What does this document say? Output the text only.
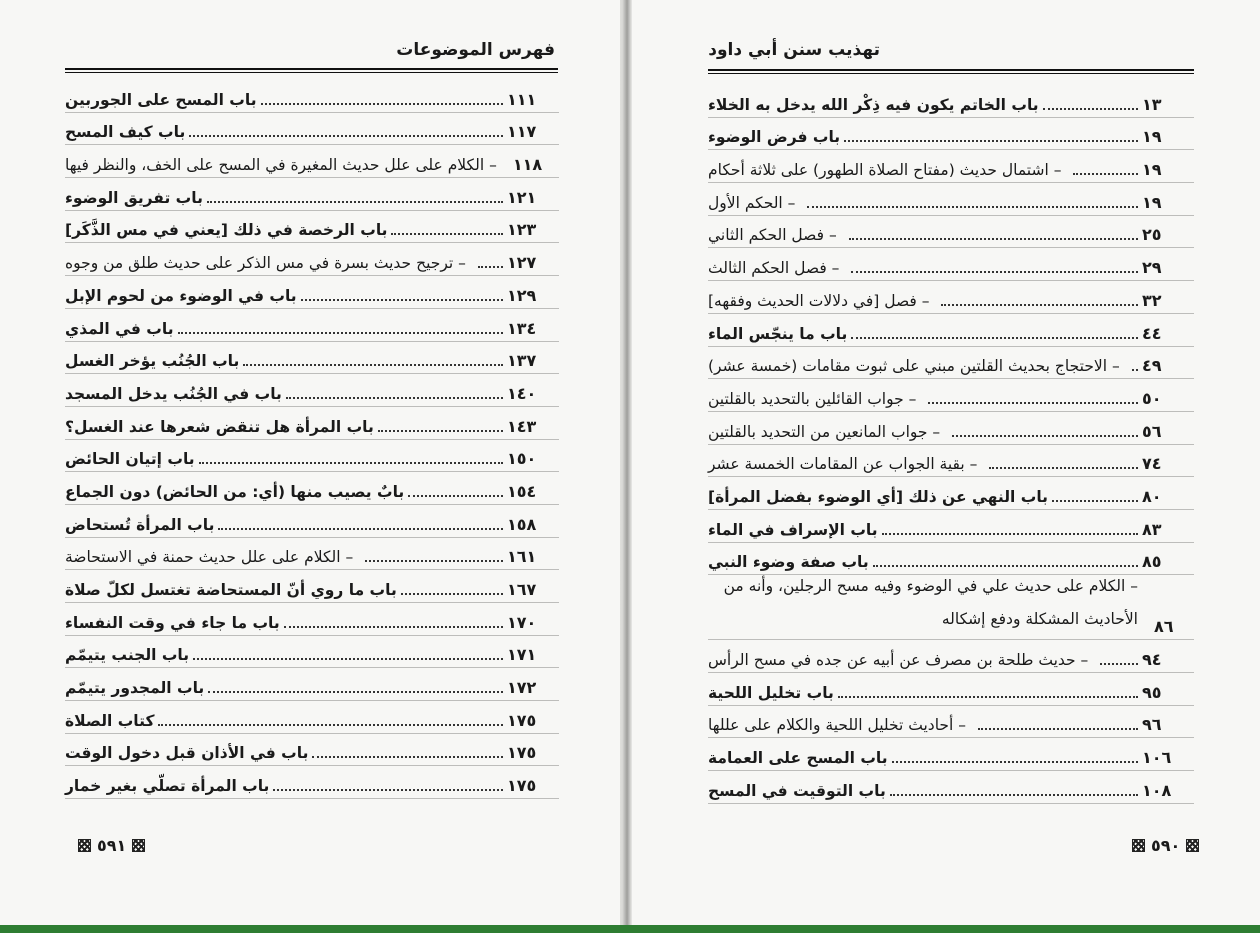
فهرس الموضوعات
باب المسح على الجوربين	١١١
باب كيف المسح	١١٧
– الكلام على علل حديث المغيرة في المسح على الخف، والنظر فيها	١١٨
باب تفريق الوضوء	١٢١
باب الرخصة في ذلك [يعني في مس الذَّكَر]	١٢٣
– ترجيح حديث بسرة في مس الذكر على حديث طلق من وجوه	١٢٧
باب في الوضوء من لحوم الإبل	١٢٩
باب في المذي	١٣٤
باب الجُنُب يؤخر الغسل	١٣٧
باب في الجُنُب يدخل المسجد	١٤٠
باب المرأة هل تنقض شعرها عند الغسل؟	١٤٣
باب إتيان الحائض	١٥٠
بابٌ يصيب منها (أي: من الحائض) دون الجماع	١٥٤
باب المرأة تُستحاض	١٥٨
– الكلام على علل حديث حمنة في الاستحاضة	١٦١
باب ما روي أنّ المستحاضة تغتسل لكلّ صلاة	١٦٧
باب ما جاء في وقت النفساء	١٧٠
باب الجنب يتيمّم	١٧١
باب المجدور يتيمّم	١٧٢
كتاب الصلاة	١٧٥
باب في الأذان قبل دخول الوقت	١٧٥
باب المرأة تصلّي بغير خمار	١٧٥
٥٩١
تهذيب سنن أبي داود
باب الخاتم يكون فيه ذِكْر الله يدخل به الخلاء	١٣
باب فرض الوضوء	١٩
– اشتمال حديث (مفتاح الصلاة الطهور) على ثلاثة أحكام	١٩
– الحكم الأول	١٩
– فصل الحكم الثاني	٢٥
– فصل الحكم الثالث	٢٩
– فصل [في دلالات الحديث وفقهه]	٣٢
باب ما ينجّس الماء	٤٤
– الاحتجاج بحديث القلتين مبني على ثبوت مقامات (خمسة عشر)	٤٩
– جواب القائلين بالتحديد بالقلتين	٥٠
– جواب المانعين من التحديد بالقلتين	٥٦
– بقية الجواب عن المقامات الخمسة عشر	٧٤
باب النهي عن ذلك [أي الوضوء بفضل المرأة]	٨٠
باب الإسراف في الماء	٨٣
باب صفة وضوء النبي	٨٥
– الكلام على حديث علي في الوضوء وفيه مسح الرجلين، وأنه من الأحاديث المشكلة ودفع إشكاله	٨٦
– حديث طلحة بن مصرف عن أبيه عن جده في مسح الرأس	٩٤
باب تخليل اللحية	٩٥
– أحاديث تخليل اللحية والكلام على عللها	٩٦
باب المسح على العمامة	١٠٦
باب التوقيت في المسح	١٠٨
٥٩٠
